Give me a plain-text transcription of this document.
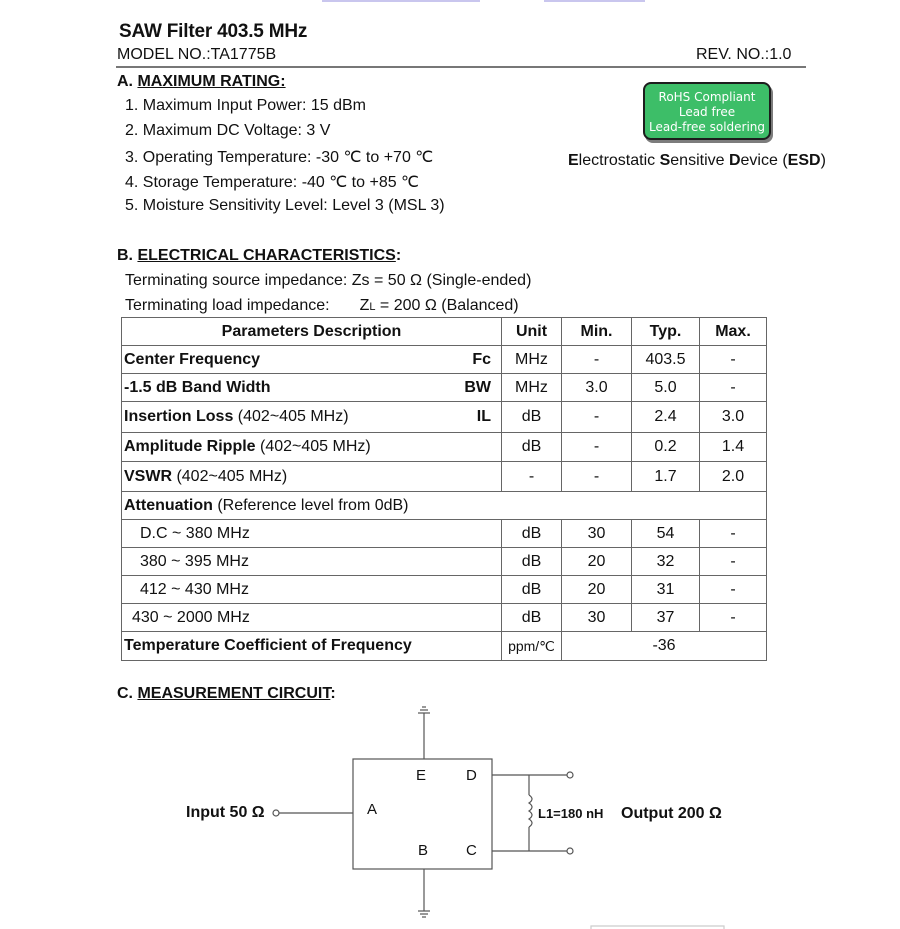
SAW Filter 403.5 MHz
MODEL NO.:TA1775B	REV. NO.:1.0
A. MAXIMUM RATING:
1. Maximum Input Power: 15 dBm
2. Maximum DC Voltage: 3 V
3. Operating Temperature: -30 ℃ to +70 ℃
4. Storage Temperature: -40 ℃ to +85 ℃
5. Moisture Sensitivity Level: Level 3 (MSL 3)
RoHS Compliant
Lead free
Lead-free soldering
Electrostatic Sensitive Device (ESD)
B. ELECTRICAL CHARACTERISTICS:
Terminating source impedance: Zs = 50 Ω (Single-ended)
Terminating load impedance: ZL = 200 Ω (Balanced)
Parameters Description	Unit	Min.	Typ.	Max.

Center Frequency Fc	MHz	-	403.5	-

-1.5 dB Band Width BW	MHz	3.0	5.0	-

Insertion Loss (402~405 MHz) IL	dB	-	2.4	3.0

Amplitude Ripple (402~405 MHz)	dB	-	0.2	1.4

VSWR (402~405 MHz)	-	-	1.7	2.0
Attenuation (Reference level from 0dB)				
D.C ~ 380 MHz	dB	30	54	-
380 ~ 395 MHz	dB	20	32	-
412 ~ 430 MHz	dB	20	31	-
430 ~ 2000 MHz	dB	30	37	-
Temperature Coefficient of Frequency	ppm/℃	-36		
C. MEASUREMENT CIRCUIT:
E	D
A
B	C
Input 50 Ω	L1=180 nH Output 200 Ω
